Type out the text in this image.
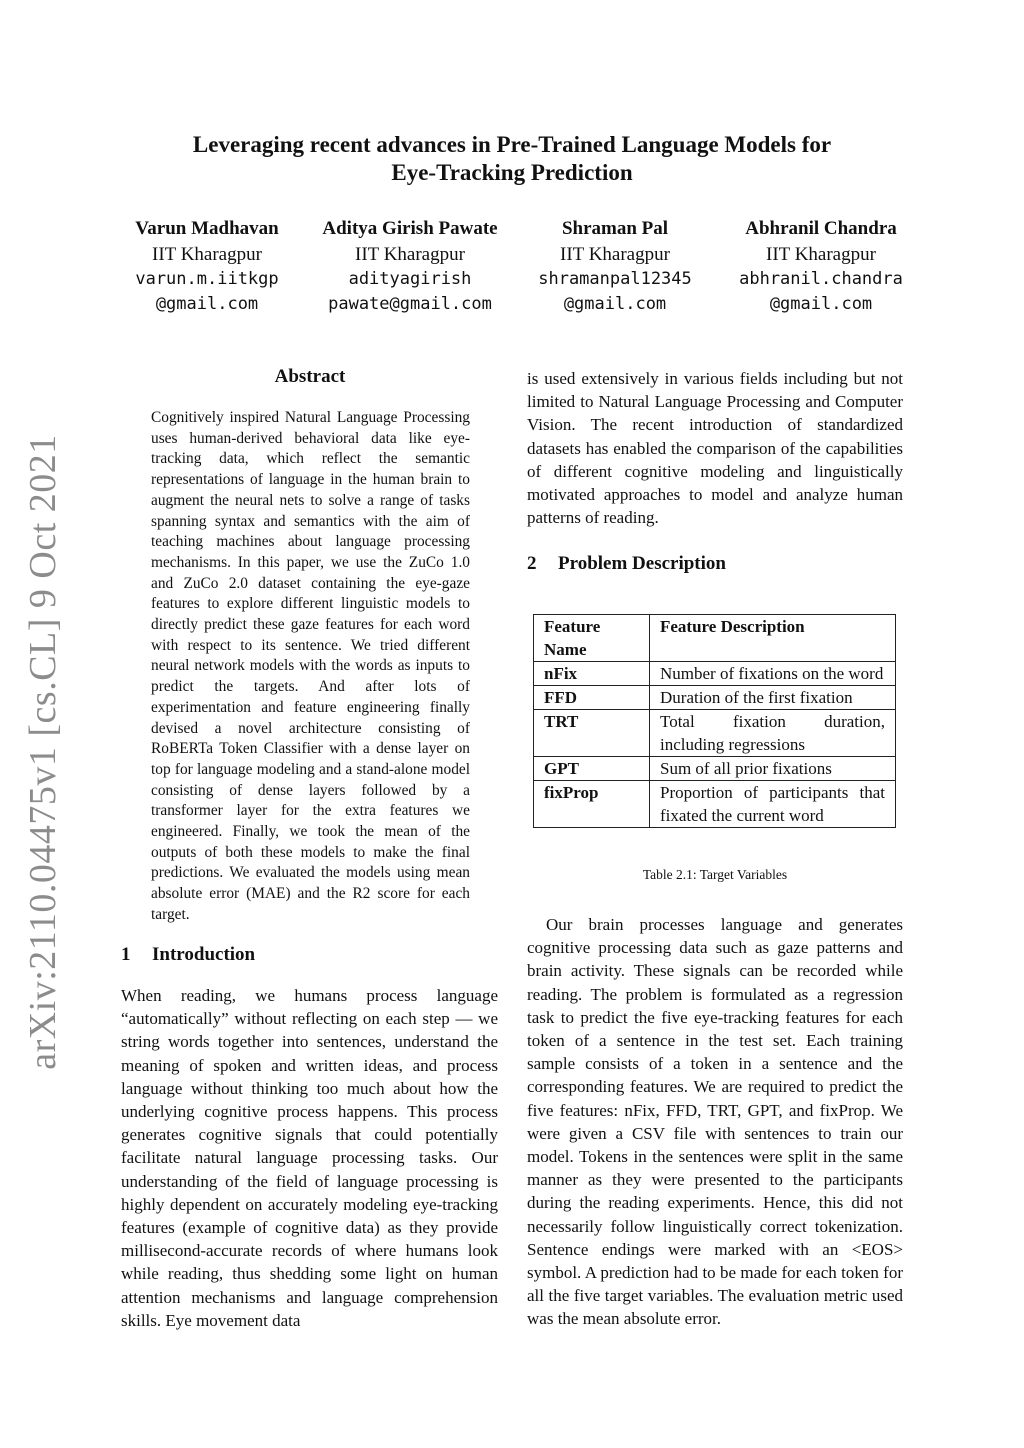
Leveraging recent advances in Pre-Trained Language Models for
Eye-Tracking Prediction
Varun Madhavan
IIT Kharagpur
varun.m.iitkgp
@gmail.com
Aditya Girish Pawate
IIT Kharagpur
adityagirish
pawate@gmail.com
Shraman Pal
IIT Kharagpur
shramanpal12345
@gmail.com
Abhranil Chandra
IIT Kharagpur
abhranil.chandra
@gmail.com
arXiv:2110.04475v1 [cs.CL] 9 Oct 2021
Abstract
Cognitively inspired Natural Language Processing uses human-derived behavioral data like eye-tracking data, which reflect the semantic representations of language in the human brain to augment the neural nets to solve a range of tasks spanning syntax and semantics with the aim of teaching machines about language processing mechanisms. In this paper, we use the ZuCo 1.0 and ZuCo 2.0 dataset containing the eye-gaze features to explore different linguistic models to directly predict these gaze features for each word with respect to its sentence. We tried different neural network models with the words as inputs to predict the targets. And after lots of experimentation and feature engineering finally devised a novel architecture consisting of RoBERTa Token Classifier with a dense layer on top for language modeling and a stand-alone model consisting of dense layers followed by a transformer layer for the extra features we engineered. Finally, we took the mean of the outputs of both these models to make the final predictions. We evaluated the models using mean absolute error (MAE) and the R2 score for each target.
1 Introduction
When reading, we humans process language “automatically” without reflecting on each step — we string words together into sentences, understand the meaning of spoken and written ideas, and process language without thinking too much about how the underlying cognitive process happens. This process generates cognitive signals that could potentially facilitate natural language processing tasks. Our understanding of the field of language processing is highly dependent on accurately modeling eye-tracking features (example of cognitive data) as they provide millisecond-accurate records of where humans look while reading, thus shedding some light on human attention mechanisms and language comprehension skills. Eye movement data
is used extensively in various fields including but not limited to Natural Language Processing and Computer Vision. The recent introduction of standardized datasets has enabled the comparison of the capabilities of different cognitive modeling and linguistically motivated approaches to model and analyze human patterns of reading.
2 Problem Description
Feature Name	Feature Description
nFix	Number of fixations on the word
FFD	Duration of the first fixation
TRT	Total fixation duration, including regressions
GPT	Sum of all prior fixations
fixProp	Proportion of participants that fixated the current word
Table 2.1: Target Variables
Our brain processes language and generates cognitive processing data such as gaze patterns and brain activity. These signals can be recorded while reading. The problem is formulated as a regression task to predict the five eye-tracking features for each token of a sentence in the test set. Each training sample consists of a token in a sentence and the corresponding features. We are required to predict the five features: nFix, FFD, TRT, GPT, and fixProp. We were given a CSV file with sentences to train our model. Tokens in the sentences were split in the same manner as they were presented to the participants during the reading experiments. Hence, this did not necessarily follow linguistically correct tokenization. Sentence endings were marked with an <EOS> symbol. A prediction had to be made for each token for all the five target variables. The evaluation metric used was the mean absolute error.
